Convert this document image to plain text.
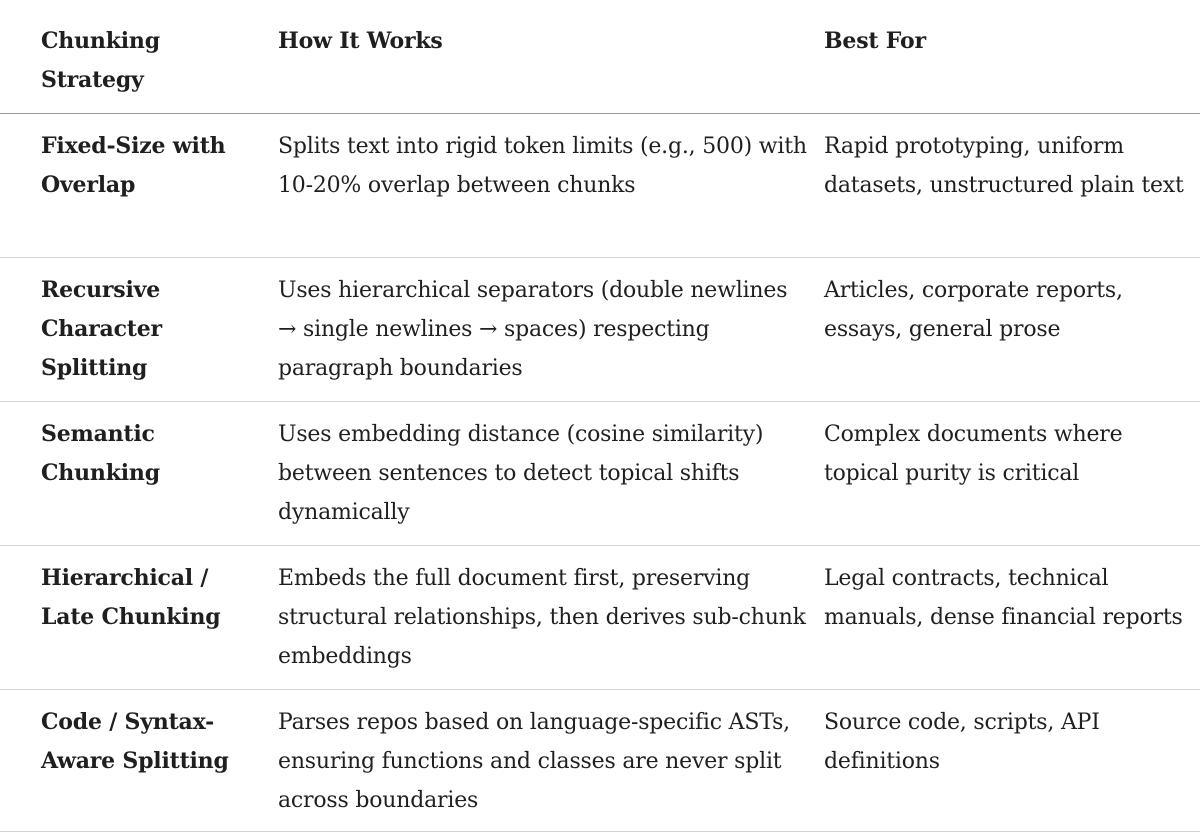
Chunking Strategy
How It Works	Best For
Fixed-Size with Overlap
Splits text into rigid token limits (e.g., 500) with 10-20% overlap between chunks
Rapid prototyping, uniform datasets, unstructured plain text
Recursive Character Splitting
Uses hierarchical separators (double newlines → single newlines → spaces) respecting paragraph boundaries
Articles, corporate reports, essays, general prose
Semantic Chunking
Uses embedding distance (cosine similarity) between sentences to detect topical shifts dynamically
Complex documents where topical purity is critical
Hierarchical / Late Chunking
Embeds the full document first, preserving structural relationships, then derives sub-chunk embeddings
Legal contracts, technical manuals, dense financial reports
Code / Syntax-Aware Splitting
Parses repos based on language-specific ASTs, ensuring functions and classes are never split across boundaries
Source code, scripts, API definitions
